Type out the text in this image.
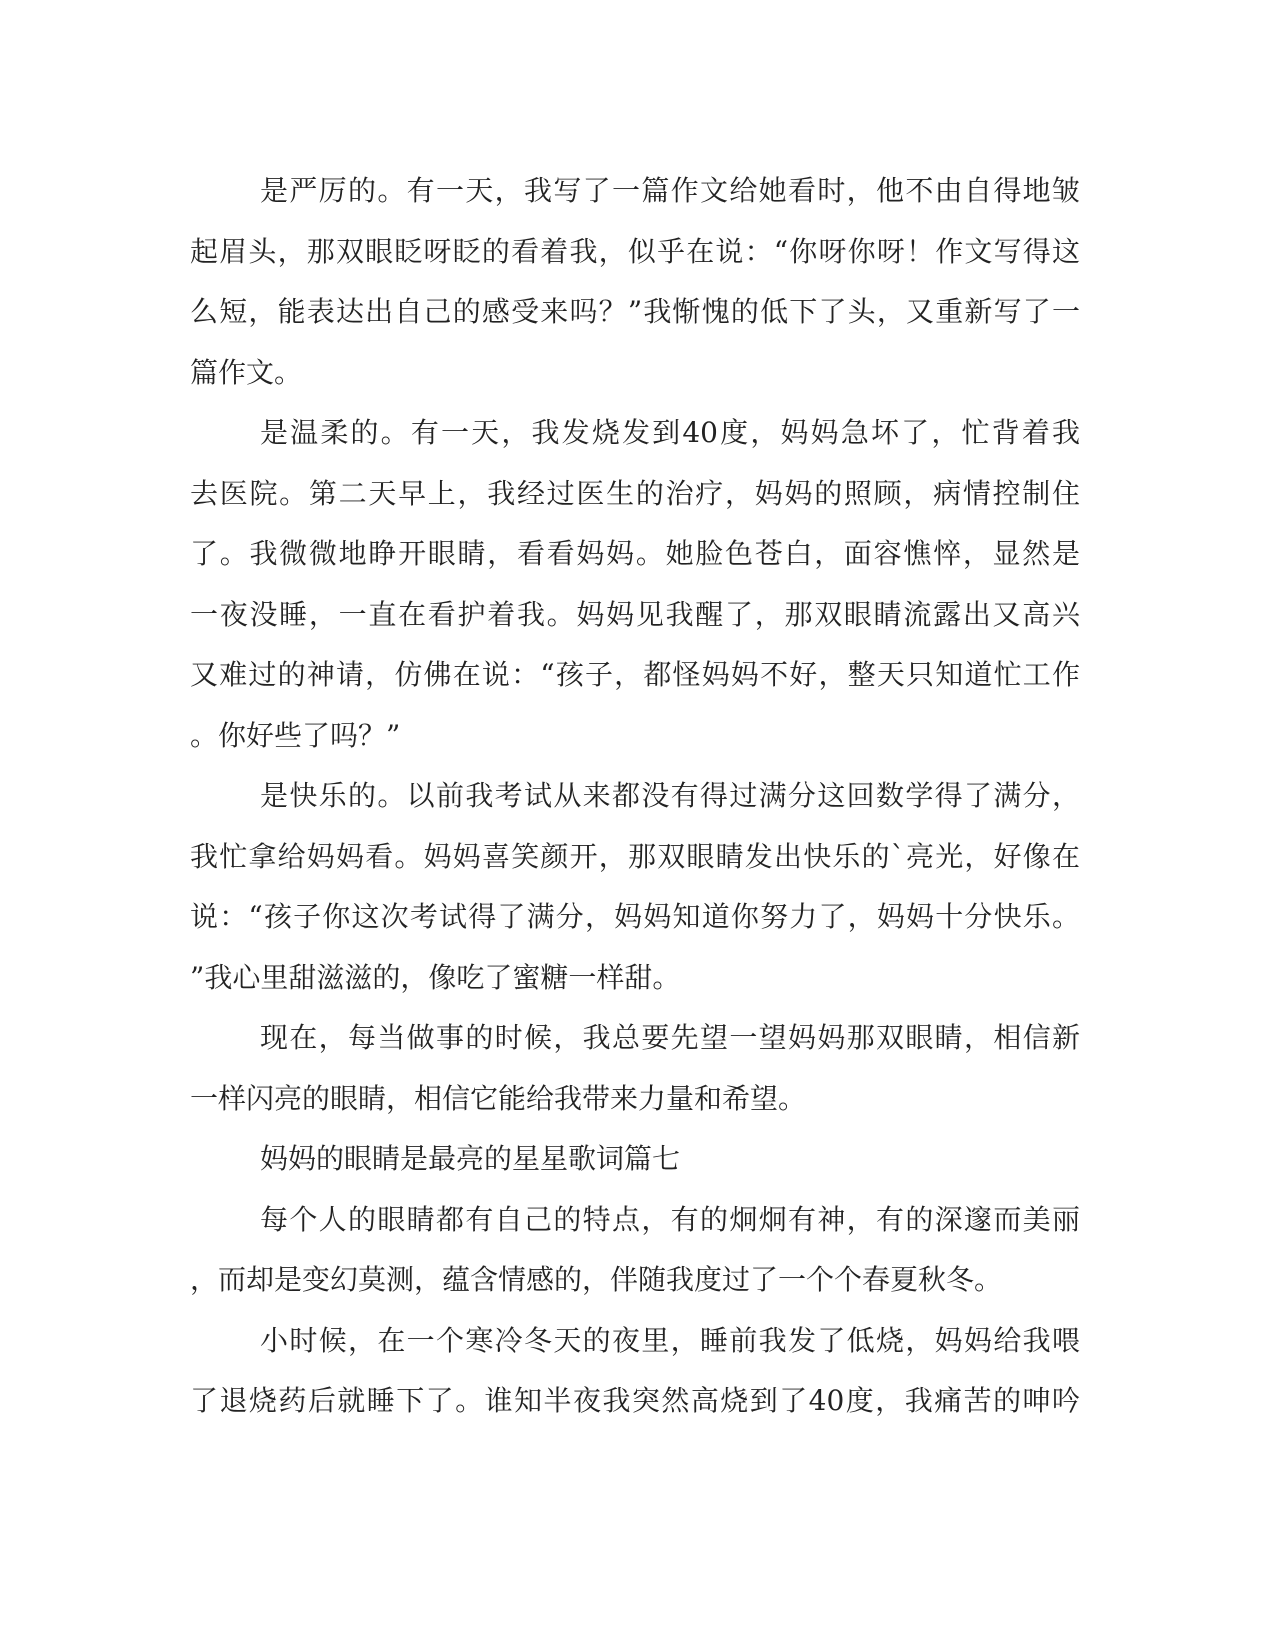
是严厉的。有一天，我写了一篇作文给她看时，他不由自得地皱
起眉头，那双眼眨呀眨的看着我，似乎在说：“你呀你呀！作文写得这
么短，能表达出自己的感受来吗？”我惭愧的低下了头，又重新写了一
篇作文。
是温柔的。有一天，我发烧发到40度，妈妈急坏了，忙背着我
去医院。第二天早上，我经过医生的治疗，妈妈的照顾，病情控制住
了。我微微地睁开眼睛，看看妈妈。她脸色苍白，面容憔悴，显然是
一夜没睡，一直在看护着我。妈妈见我醒了，那双眼睛流露出又高兴
又难过的神请，仿佛在说：“孩子，都怪妈妈不好，整天只知道忙工作
。你好些了吗？”
是快乐的。以前我考试从来都没有得过满分这回数学得了满分，
我忙拿给妈妈看。妈妈喜笑颜开，那双眼睛发出快乐的`亮光，好像在
说：“孩子你这次考试得了满分，妈妈知道你努力了，妈妈十分快乐。
”我心里甜滋滋的，像吃了蜜糖一样甜。
现在，每当做事的时候，我总要先望一望妈妈那双眼睛，相信新
一样闪亮的眼睛，相信它能给我带来力量和希望。
妈妈的眼睛是最亮的星星歌词篇七
每个人的眼睛都有自己的特点，有的炯炯有神，有的深邃而美丽
，而却是变幻莫测，蕴含情感的，伴随我度过了一个个春夏秋冬。
小时候，在一个寒冷冬天的夜里，睡前我发了低烧，妈妈给我喂
了退烧药后就睡下了。谁知半夜我突然高烧到了40度，我痛苦的呻吟
